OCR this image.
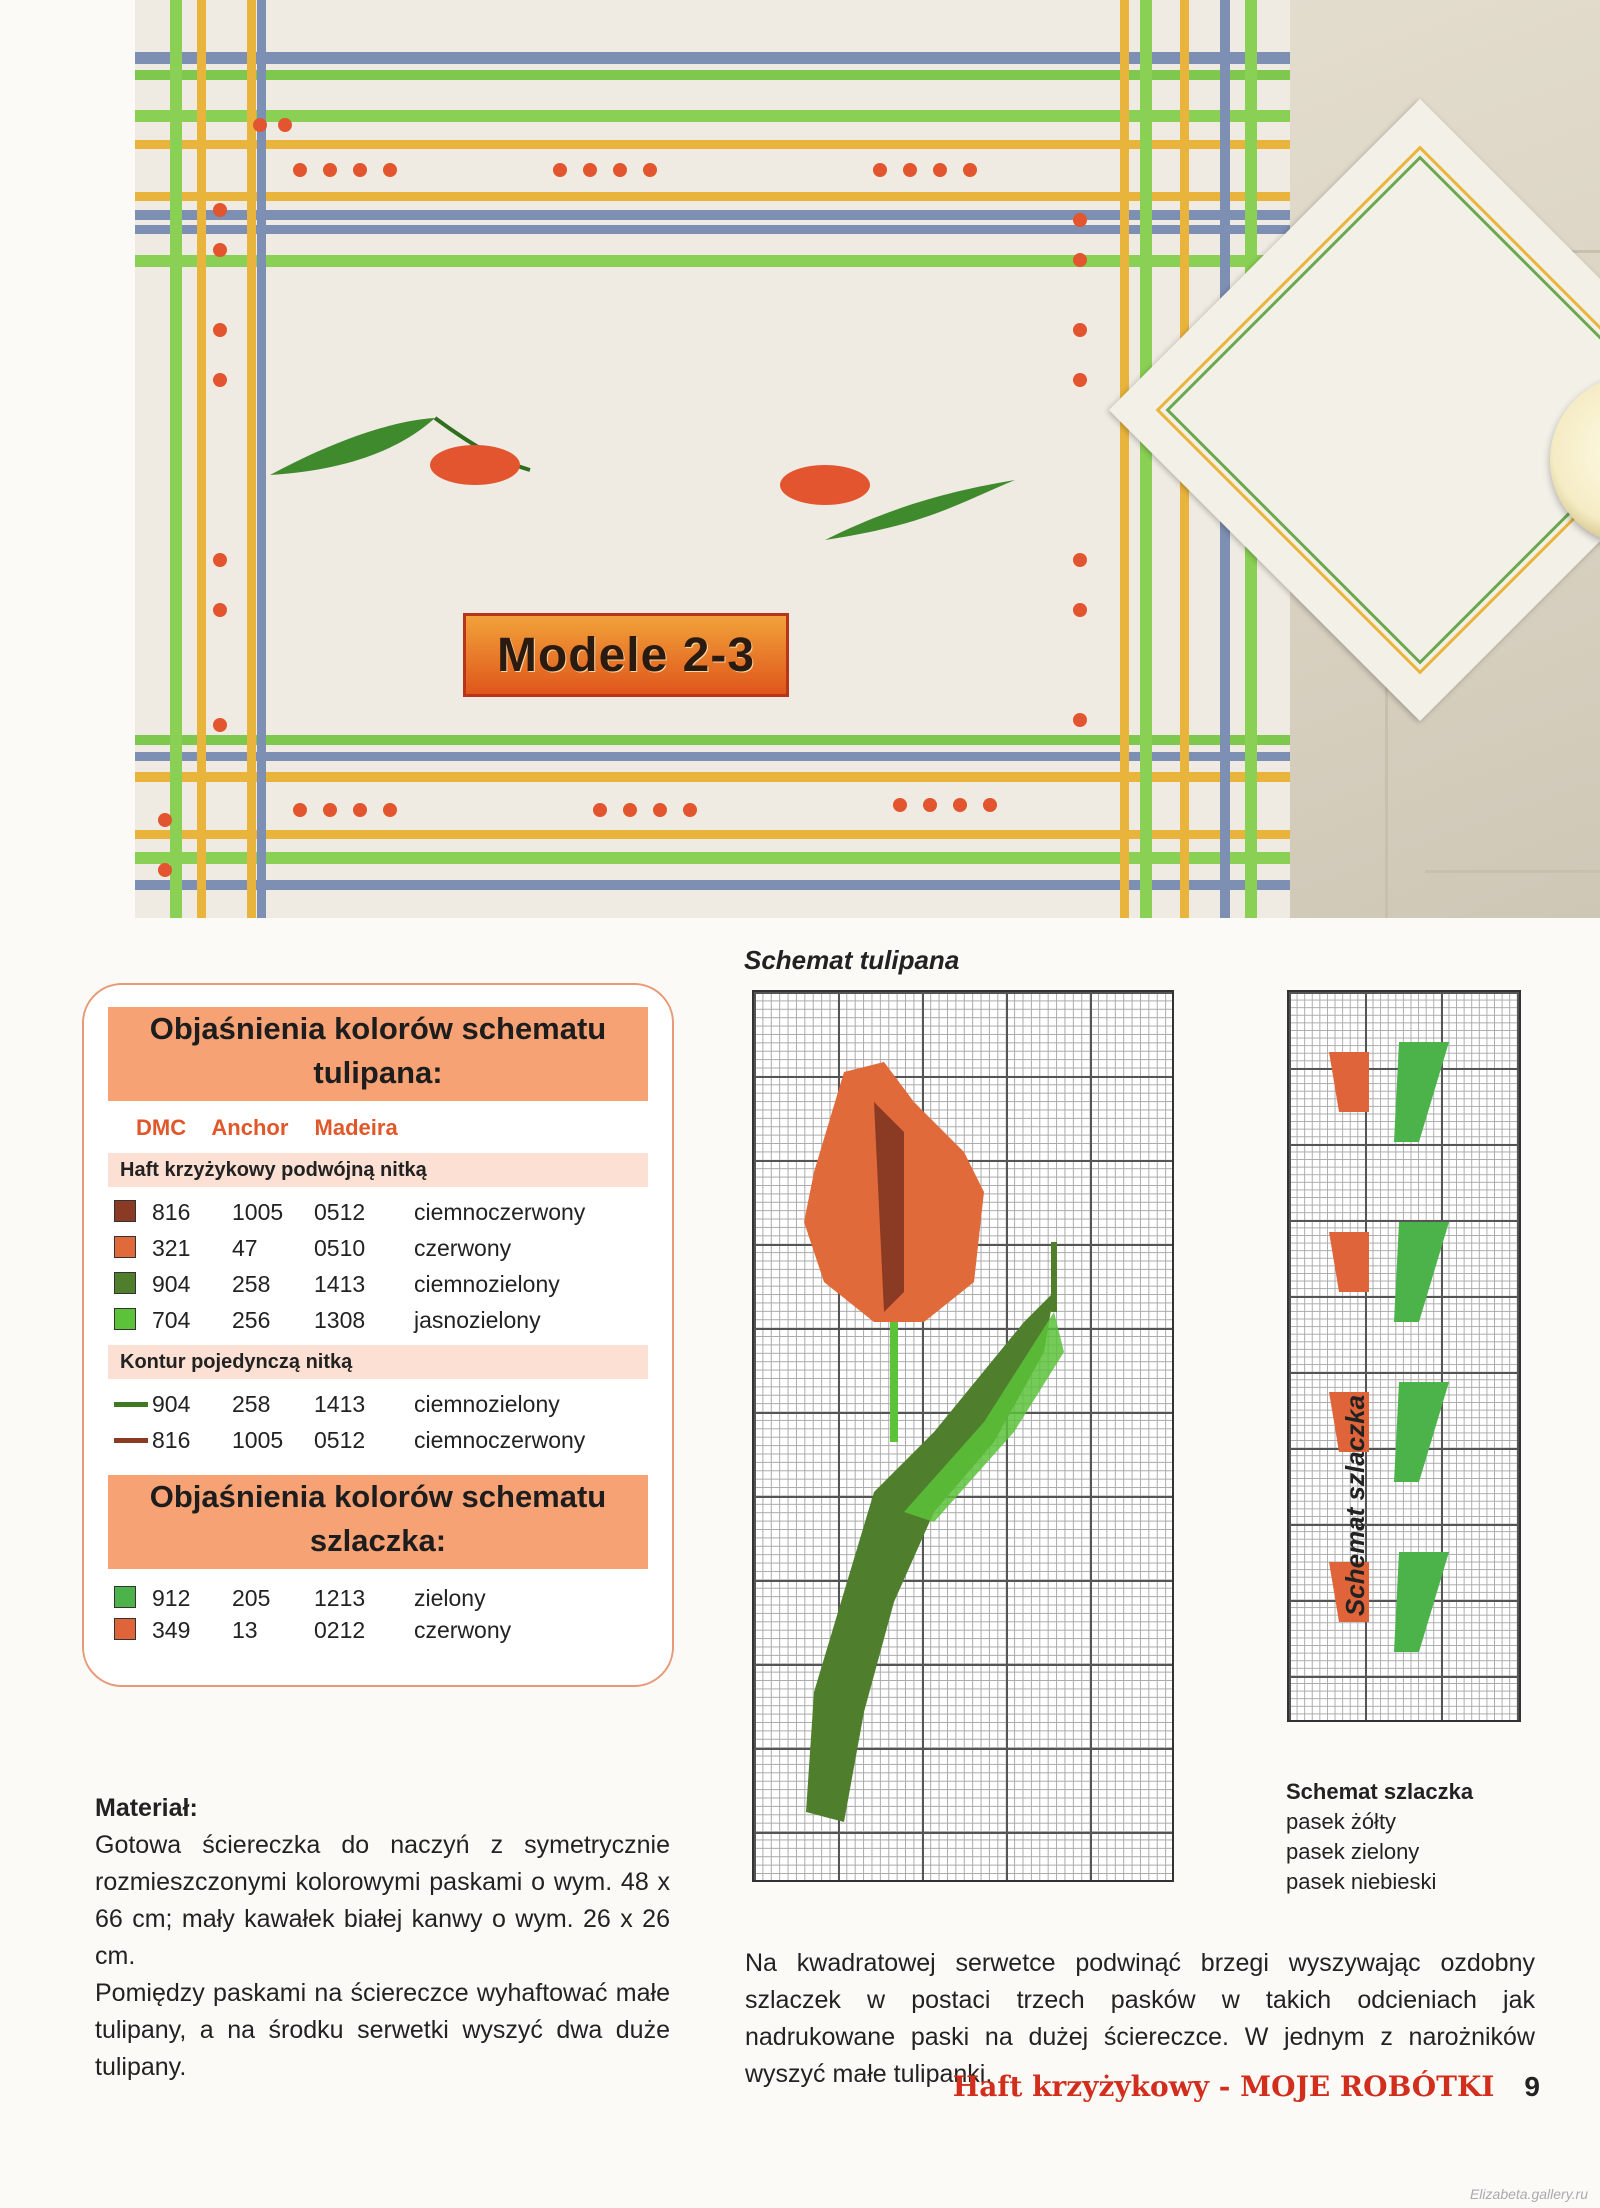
Modele 2-3
Objaśnienia kolorów schematu tulipana:
DMC Anchor Madeira
Haft krzyżykowy podwójną nitką
Kontur pojedynczą nitką
Objaśnienia kolorów schematu szlaczka:
816 1005 0512 ciemnoczerwony
321 47 0510 czerwony
904 258 1413 ciemnozielony
704 256 1308 jasnozielony
904 258 1413 ciemnozielony
816 1005 0512 ciemnoczerwony
912 205 1213 zielony
349 13 0212 czerwony
Schemat tulipana
Schemat szlaczka
Schemat szlaczka
pasek żółty
pasek zielony
pasek niebieski
Materiał:
Gotowa ściereczka do naczyń z symetrycznie rozmieszczonymi kolorowymi paskami o wym. 48 x 66 cm; mały kawałek białej kanwy o wym. 26 x 26 cm.
Pomiędzy paskami na ściereczce wyhaftować małe tulipany, a na środku serwetki wyszyć dwa duże tulipany.
Na kwadratowej serwetce podwinąć brzegi wyszywając ozdobny szlaczek w postaci trzech pasków w takich odcieniach jak nadrukowane paski na dużej ściereczce. W jednym z narożników wyszyć małe tulipanki.
Haft krzyżykowy - MOJE ROBÓTKI 9
Elizabeta.gallery.ru
